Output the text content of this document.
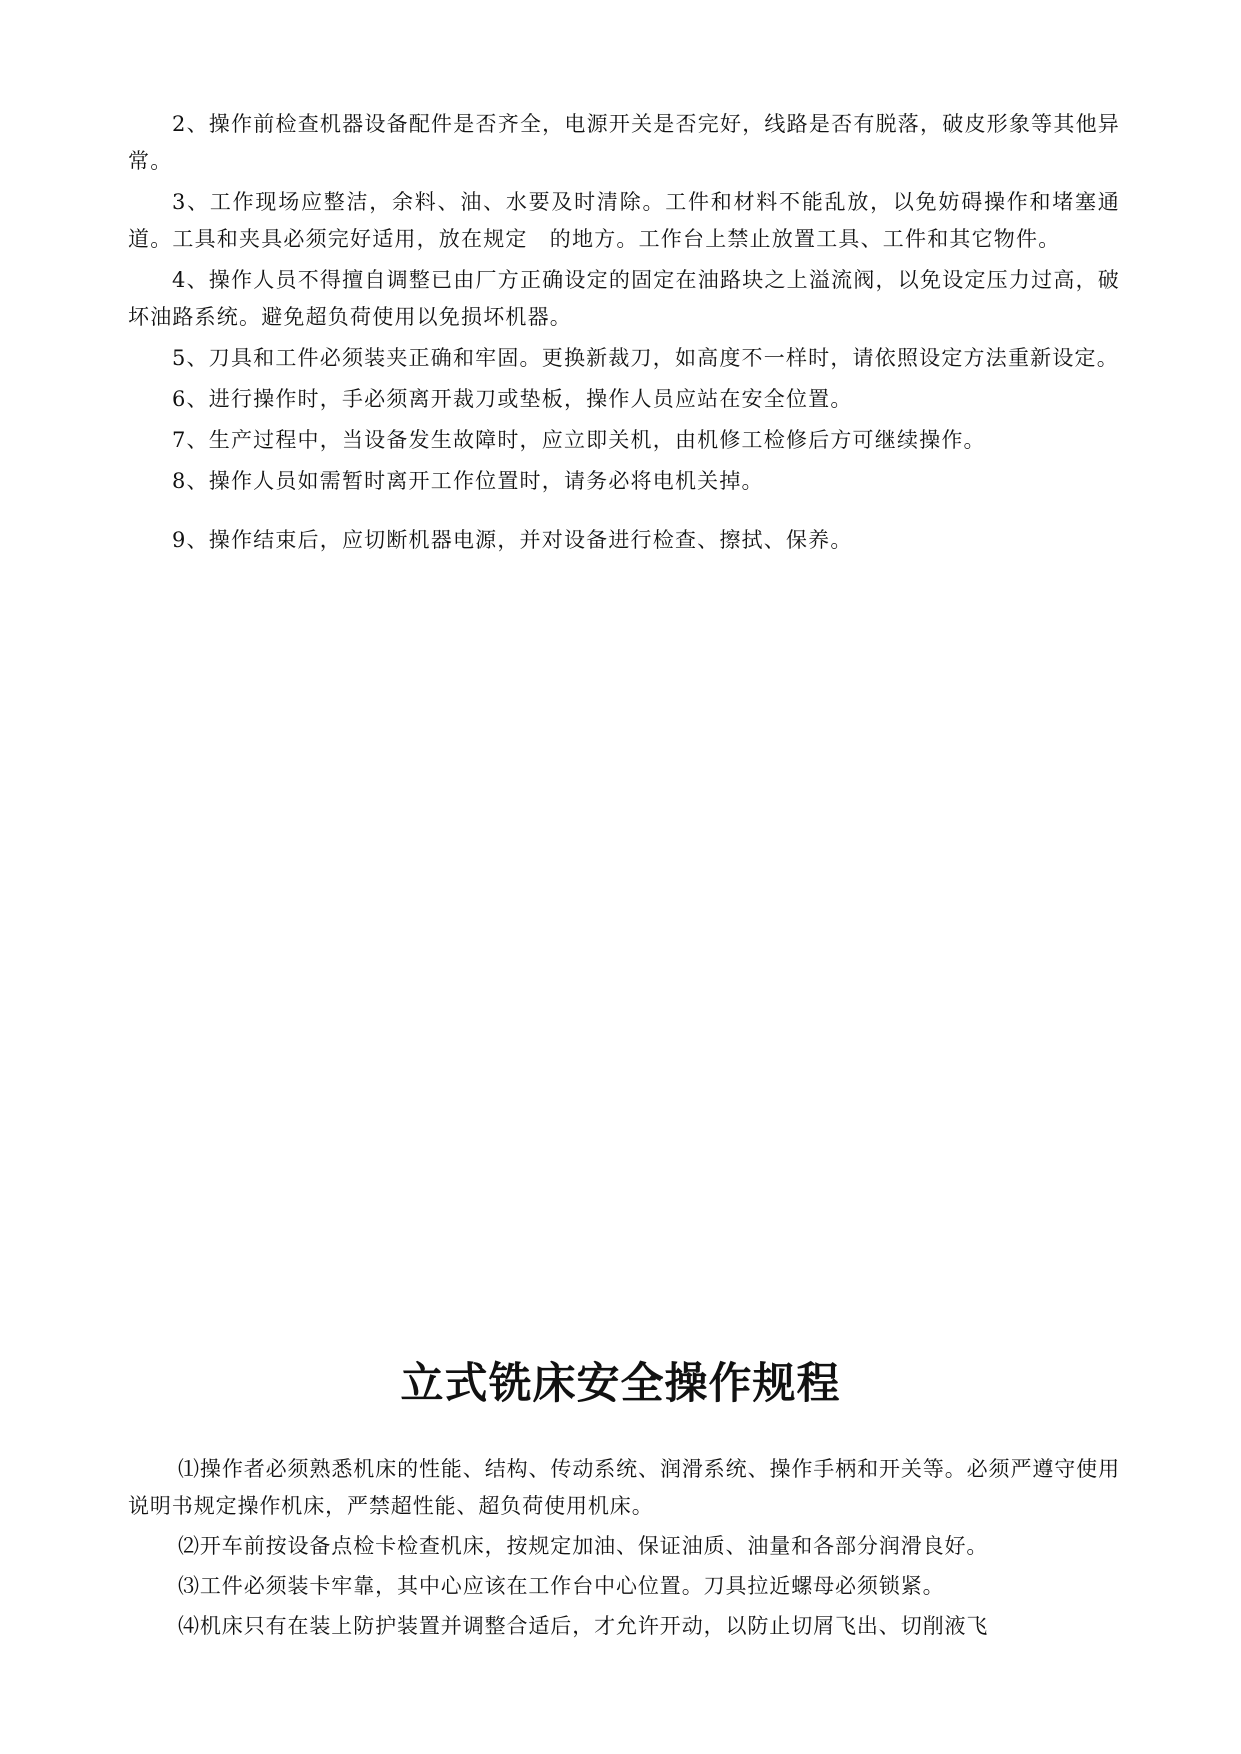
2、操作前检查机器设备配件是否齐全，电源开关是否完好，线路是否有脱落，破皮形象等其他异常。

3、工作现场应整洁，余料、油、水要及时清除。工件和材料不能乱放，以免妨碍操作和堵塞通道。工具和夹具必须完好适用，放在规定　的地方。工作台上禁止放置工具、工件和其它物件。

4、操作人员不得擅自调整已由厂方正确设定的固定在油路块之上溢流阀，以免设定压力过高，破坏油路系统。避免超负荷使用以免损坏机器。

5、刀具和工件必须装夹正确和牢固。更换新裁刀，如高度不一样时，请依照设定方法重新设定。

6、进行操作时，手必须离开裁刀或垫板，操作人员应站在安全位置。

7、生产过程中，当设备发生故障时，应立即关机，由机修工检修后方可继续操作。

8、操作人员如需暂时离开工作位置时，请务必将电机关掉。

9、操作结束后，应切断机器电源，并对设备进行检查、擦拭、保养。

立式铣床安全操作规程

⑴操作者必须熟悉机床的性能、结构、传动系统、润滑系统、操作手柄和开关等。必须严遵守使用说明书规定操作机床，严禁超性能、超负荷使用机床。

⑵开车前按设备点检卡检查机床，按规定加油、保证油质、油量和各部分润滑良好。

⑶工件必须装卡牢靠，其中心应该在工作台中心位置。刀具拉近螺母必须锁紧。

⑷机床只有在装上防护装置并调整合适后，才允许开动，以防止切屑飞出、切削液飞
